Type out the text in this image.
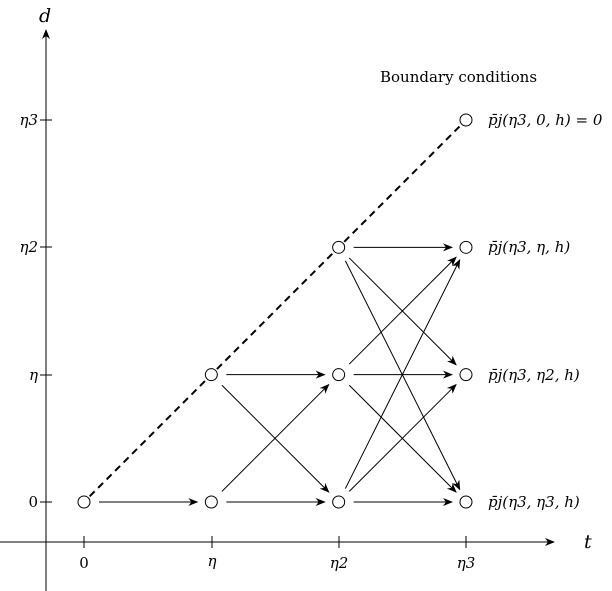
t
d
0	η	η2	η3
0
η
η2
η3
Boundary conditions
p̄j(η3, 0, h) = 0
p̄j(η3, η, h)
p̄j(η3, η2, h)
p̄j(η3, η3, h)
